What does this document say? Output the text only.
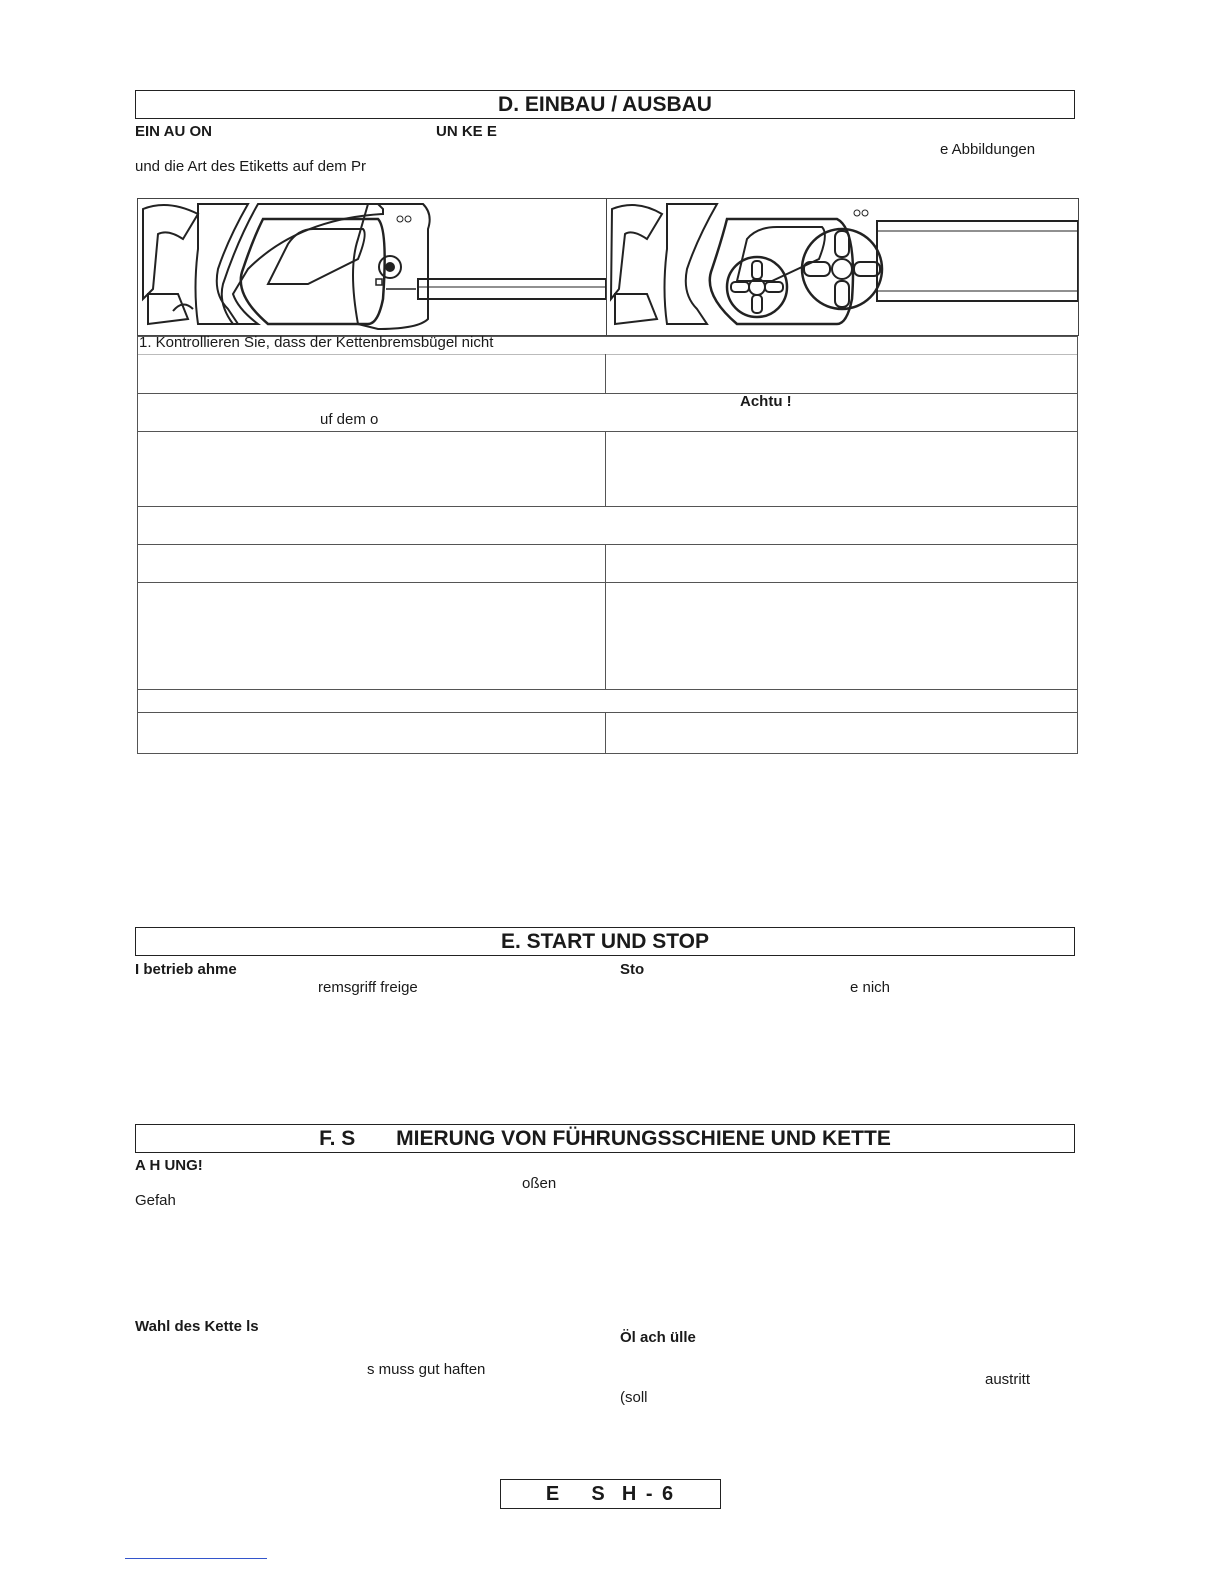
D. EINBAU / AUSBAU
EIN AU ON	UN KE E
e Abbildungen
und die Art des Etiketts auf dem Pr
1. Kontrollieren Sie, dass der Kettenbremsbügel nicht
Achtu !
uf dem o
E. START UND STOP
I betrieb ahme
remsgriff freige
Sto
e nich
F. S       MIERUNG VON FÜHRUNGSSCHIENE UND KETTE
A H UNG!
oßen
Gefah
Wahl des Kette ls
s muss gut haften
Öl ach ülle
austritt
(soll
E    S  H - 6
